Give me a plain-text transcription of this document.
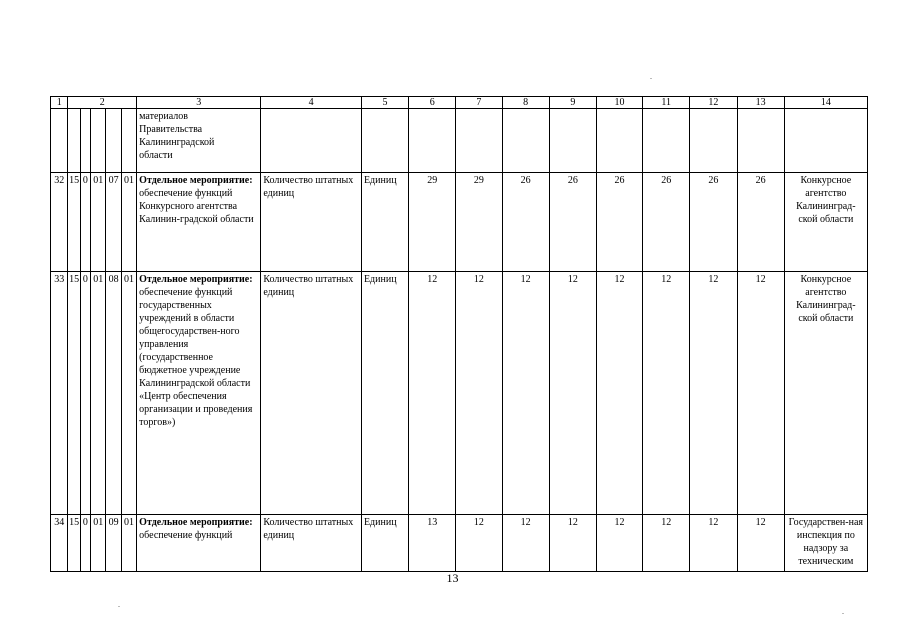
1	2					3	4	5	6	7	8	9	10	11	12	13	14

						материалов
Правительства
Калининградской
области											

32	15	0	01	07	01	Отдельное мероприятие:
обеспечение функций Конкурсного агентства Калинин-градской области	Количество штатных единиц	Единиц	29	29	26	26	26	26	26	26	Конкурсное агентство Калининград-ской области
33	15	0	01	08	01	Отдельное мероприятие:
обеспечение функций государственных учреждений в области общегосударствен-ного управления (государственное бюджетное учреждение Калининградской области «Центр обеспечения организации и проведения торгов»)	Количество штатных единиц	Единиц	12	12	12	12	12	12	12	12	Конкурсное агентство Калининград-ской области
34	15	0	01	09	01	Отдельное мероприятие:
обеспечение функций	Количество штатных единиц	Единиц	13	12	12	12	12	12	12	12	Государствен-ная инспекция по надзору за техническим
13
